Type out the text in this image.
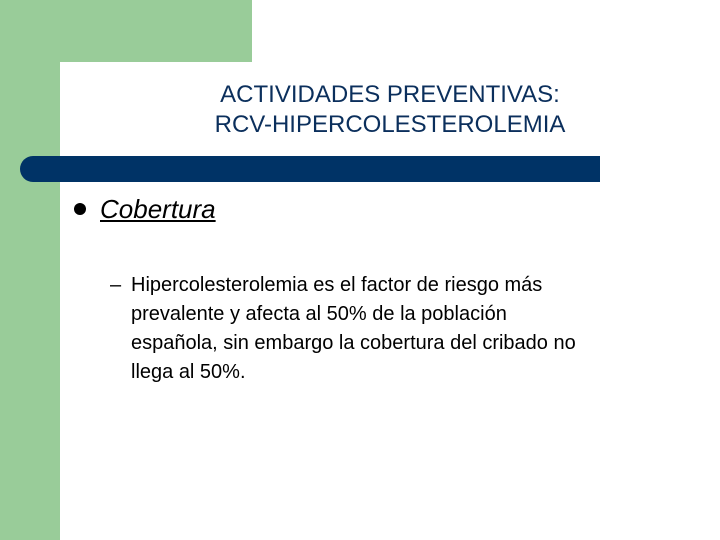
ACTIVIDADES PREVENTIVAS:
RCV-HIPERCOLESTEROLEMIA
Cobertura
– Hipercolesterolemia es el factor de riesgo más
prevalente y afecta al 50% de la población
española, sin embargo la cobertura del cribado no
llega al 50%.
